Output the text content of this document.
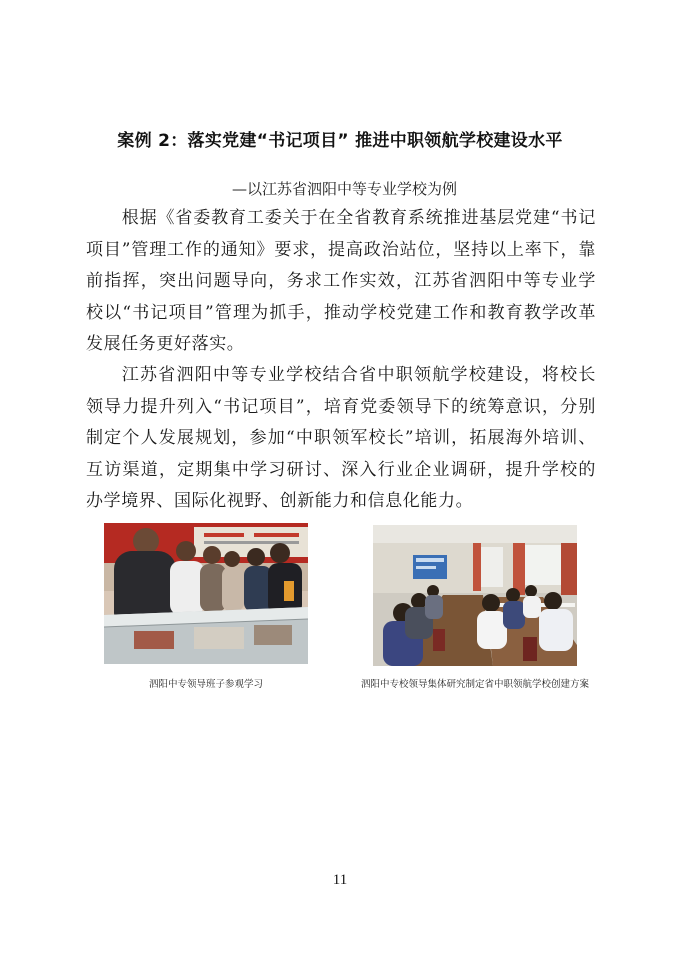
案例 2：落实党建“书记项目” 推进中职领航学校建设水平
—以江苏省泗阳中等专业学校为例

根据《省委教育工委关于在全省教育系统推进基层党建“书记项目”管理工作的通知》要求，提高政治站位，坚持以上率下，靠前指挥，突出问题导向，务求工作实效，江苏省泗阳中等专业学校以“书记项目”管理为抓手，推动学校党建工作和教育教学改革发展任务更好落实。

江苏省泗阳中等专业学校结合省中职领航学校建设，将校长领导力提升列入“书记项目”，培育党委领导下的统筹意识，分别制定个人发展规划，参加“中职领军校长”培训，拓展海外培训、互访渠道，定期集中学习研讨、深入行业企业调研，提升学校的办学境界、国际化视野、创新能力和信息化能力。

泗阳中专领导班子参观学习	泗阳中专校领导集体研究制定省中职领航学校创建方案
11
